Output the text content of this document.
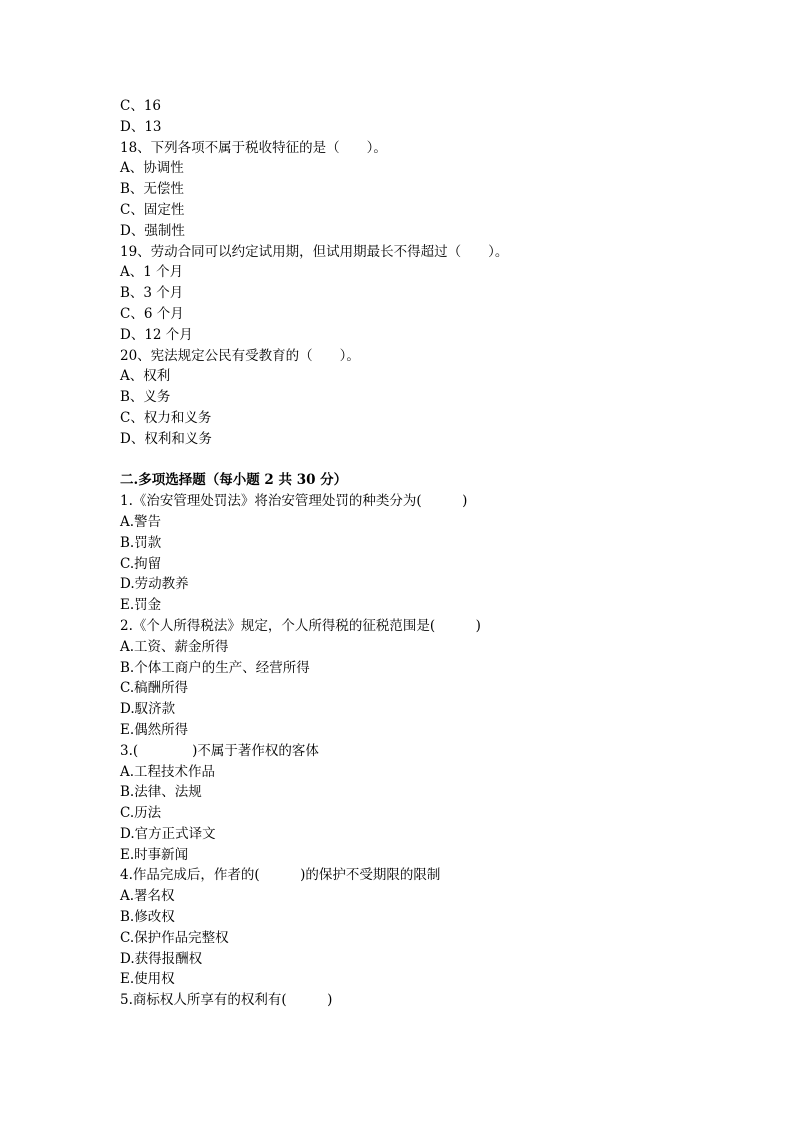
C、16
D、13
18、下列各项不属于税收特征的是（　　）。
A、协调性
B、无偿性
C、固定性
D、强制性
19、劳动合同可以约定试用期，但试用期最长不得超过（　　）。
A、1 个月
B、3 个月
C、6 个月
D、12 个月
20、宪法规定公民有受教育的（　　）。
A、权利
B、义务
C、权力和义务
D、权利和义务
二.多项选择题（每小题 2 共 30 分）
1.《治安管理处罚法》将治安管理处罚的种类分为(　　　)
A.警告
B.罚款
C.拘留
D.劳动教养
E.罚金
2.《个人所得税法》规定，个人所得税的征税范围是(　　　)
A.工资、薪金所得
B.个体工商户的生产、经营所得
C.稿酬所得
D.馭济款
E.偶然所得
3.(　　　　)不属于著作权的客体
A.工程技术作品
B.法律、法规
C.历法
D.官方正式译文
E.时事新闻
4.作品完成后，作者的(　　　)的保护不受期限的限制
A.署名权
B.修改权
C.保护作品完整权
D.获得报酬权
E.使用权
5.商标权人所享有的权利有(　　　)
